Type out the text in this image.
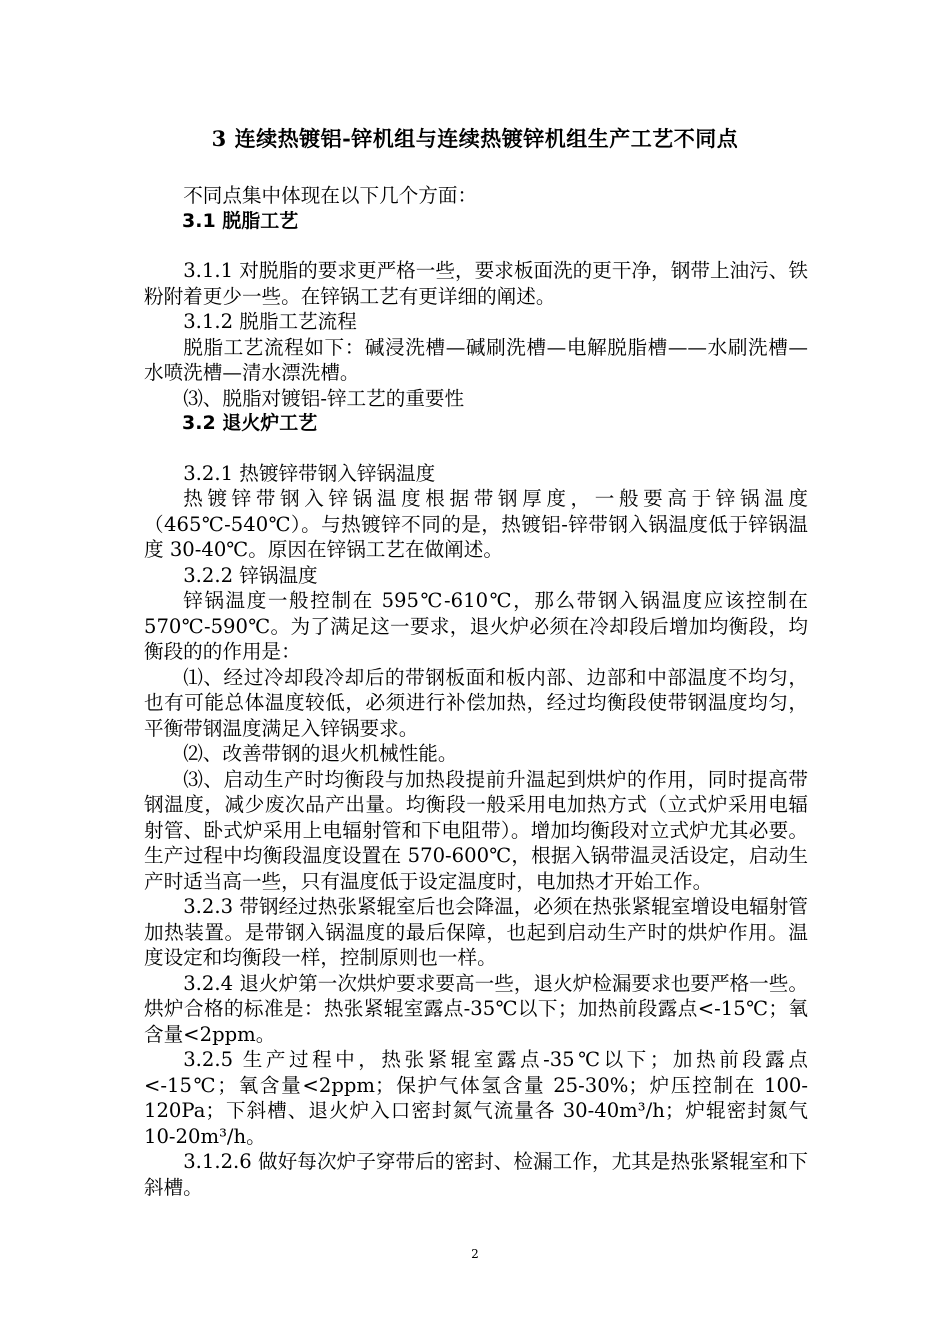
3 连续热镀铝-锌机组与连续热镀锌机组生产工艺不同点

不同点集中体现在以下几个方面：

3.1 脱脂工艺

3.1.1 对脱脂的要求更严格一些，要求板面洗的更干净，钢带上油污、铁粉附着更少一些。在锌锅工艺有更详细的阐述。

3.1.2 脱脂工艺流程

脱脂工艺流程如下：碱浸洗槽—碱刷洗槽—电解脱脂槽——水刷洗槽—水喷洗槽—清水漂洗槽。

⑶、脱脂对镀铝-锌工艺的重要性

3.2 退火炉工艺

3.2.1 热镀锌带钢入锌锅温度

热镀锌带钢入锌锅温度根据带钢厚度，一般要高于锌锅温度（465℃-540℃）。与热镀锌不同的是，热镀铝-锌带钢入锅温度低于锌锅温度 30-40℃。原因在锌锅工艺在做阐述。

3.2.2 锌锅温度

锌锅温度一般控制在 595℃-610℃，那么带钢入锅温度应该控制在 570℃-590℃。为了满足这一要求，退火炉必须在冷却段后增加均衡段，均衡段的的作用是：

⑴、经过冷却段冷却后的带钢板面和板内部、边部和中部温度不均匀，也有可能总体温度较低，必须进行补偿加热，经过均衡段使带钢温度均匀，平衡带钢温度满足入锌锅要求。

⑵、改善带钢的退火机械性能。

⑶、启动生产时均衡段与加热段提前升温起到烘炉的作用，同时提高带钢温度，减少废次品产出量。均衡段一般采用电加热方式（立式炉采用电辐射管、卧式炉采用上电辐射管和下电阻带）。增加均衡段对立式炉尤其必要。生产过程中均衡段温度设置在 570-600℃，根据入锅带温灵活设定，启动生产时适当高一些，只有温度低于设定温度时，电加热才开始工作。

3.2.3 带钢经过热张紧辊室后也会降温，必须在热张紧辊室增设电辐射管加热装置。是带钢入锅温度的最后保障，也起到启动生产时的烘炉作用。温度设定和均衡段一样，控制原则也一样。

3.2.4 退火炉第一次烘炉要求要高一些，退火炉检漏要求也要严格一些。烘炉合格的标准是：热张紧辊室露点-35℃以下；加热前段露点<-15℃；氧含量<2ppm。

3.2.5 生产过程中，热张紧辊室露点-35℃以下；加热前段露点<-15℃；氧含量<2ppm；保护气体氢含量 25-30%；炉压控制在 100-120Pa；下斜槽、退火炉入口密封氮气流量各 30-40m³/h；炉辊密封氮气 10-20m³/h。

3.1.2.6 做好每次炉子穿带后的密封、检漏工作，尤其是热张紧辊室和下斜槽。

2
